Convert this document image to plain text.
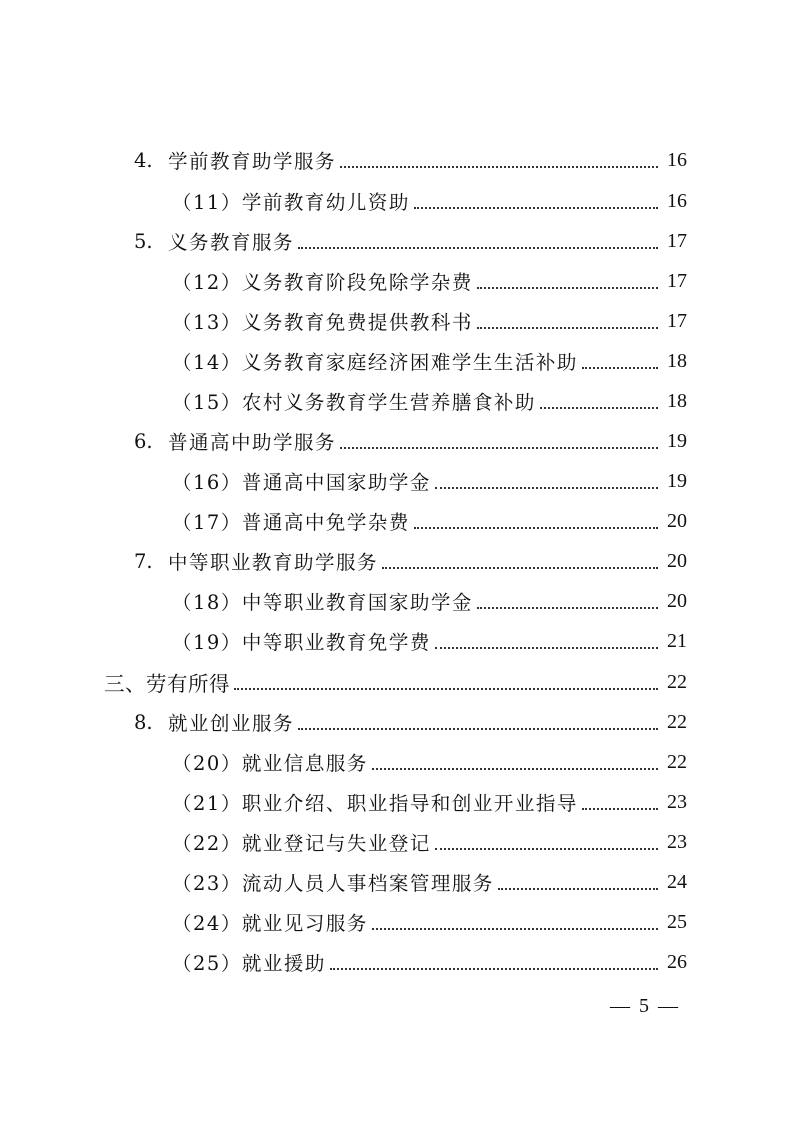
4. 学前教育助学服务	16
（11）学前教育幼儿资助	16
5. 义务教育服务	17
（12）义务教育阶段免除学杂费	17
（13）义务教育免费提供教科书	17
（14）义务教育家庭经济困难学生生活补助	18
（15）农村义务教育学生营养膳食补助	18
6. 普通高中助学服务	19
（16）普通高中国家助学金	19
（17）普通高中免学杂费	20
7. 中等职业教育助学服务	20
（18）中等职业教育国家助学金	20
（19）中等职业教育免学费	21
三、劳有所得	22
8. 就业创业服务	22
（20）就业信息服务	22
（21）职业介绍、职业指导和创业开业指导	23
（22）就业登记与失业登记	23
（23）流动人员人事档案管理服务	24
（24）就业见习服务	25
（25）就业援助	26
— 5 —
